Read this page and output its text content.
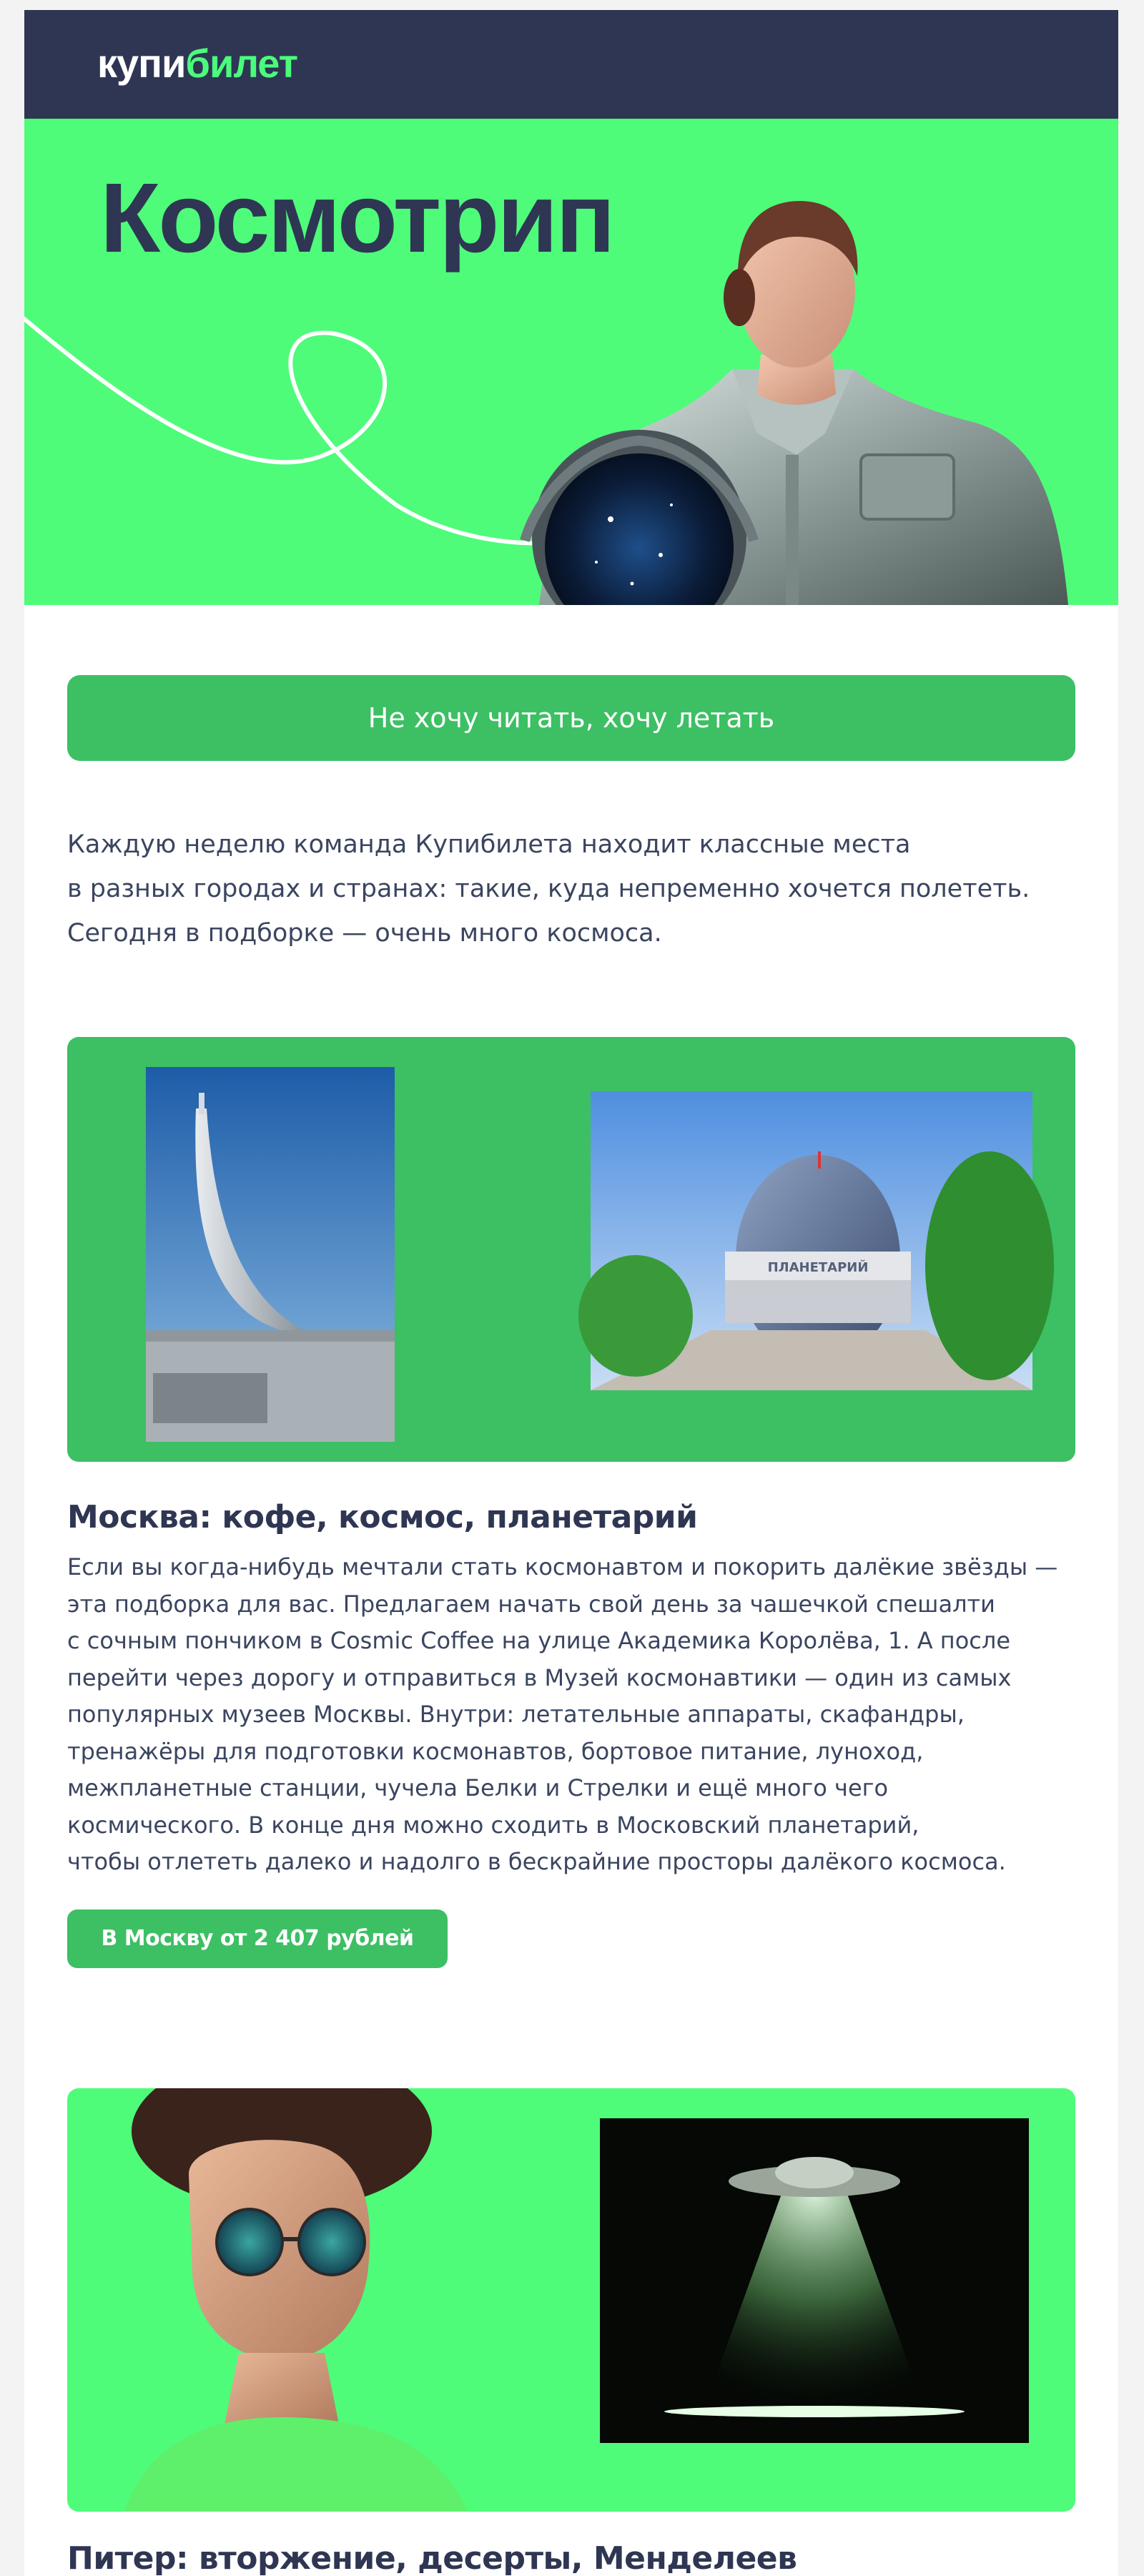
купибилет
Космотрип
Не хочу читать, хочу летать

Каждую неделю команда Купибилета находит классные места

в разных городах и странах: такие, куда непременно хочется полететь.

Сегодня в подборке — очень много космоса.

ПЛАНЕТАРИЙ
Москва: кофе, космос, планетарий

Если вы когда-нибудь мечтали стать космонавтом и покорить далёкие звёзды —

эта подборка для вас. Предлагаем начать свой день за чашечкой спешалти

с сочным пончиком в Cosmic Coffee на улице Академика Королёва, 1. А после

перейти через дорогу и отправиться в Музей космонавтики — один из самых

популярных музеев Москвы. Внутри: летательные аппараты, скафандры,

тренажёры для подготовки космонавтов, бортовое питание, луноход,

межпланетные станции, чучела Белки и Стрелки и ещё много чего

космического. В конце дня можно сходить в Московский планетарий,

чтобы отлететь далеко и надолго в бескрайние просторы далёкого космоса.

В Москву от 2 407 рублей
Питер: вторжение, десерты, Менделеев
